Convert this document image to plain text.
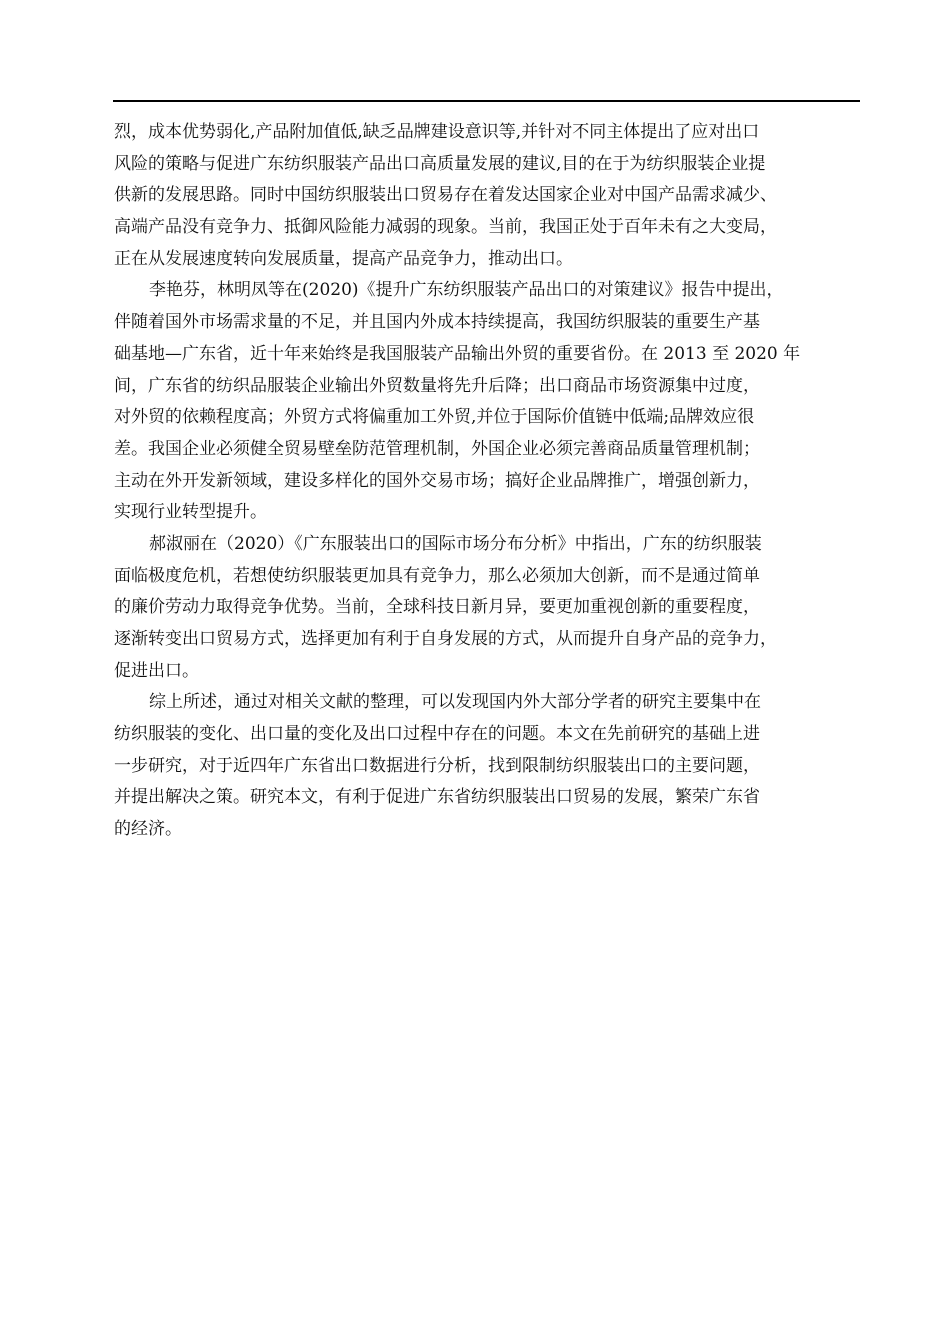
烈，成本优势弱化,产品附加值低,缺乏品牌建设意识等,并针对不同主体提出了应对出口
风险的策略与促进广东纺织服装产品出口高质量发展的建议,目的在于为纺织服装企业提
供新的发展思路。同时中国纺织服装出口贸易存在着发达国家企业对中国产品需求减少、
高端产品没有竞争力、抵御风险能力减弱的现象。当前，我国正处于百年未有之大变局，
正在从发展速度转向发展质量，提高产品竞争力，推动出口。
李艳芬，林明凤等在(2020)《提升广东纺织服装产品出口的对策建议》报告中提出，
伴随着国外市场需求量的不足，并且国内外成本持续提高，我国纺织服装的重要生产基
础基地—广东省，近十年来始终是我国服装产品输出外贸的重要省份。在 2013 至 2020 年
间，广东省的纺织品服装企业输出外贸数量将先升后降；出口商品市场资源集中过度，
对外贸的依赖程度高；外贸方式将偏重加工外贸,并位于国际价值链中低端;品牌效应很
差。我国企业必须健全贸易壁垒防范管理机制，外国企业必须完善商品质量管理机制；
主动在外开发新领域，建设多样化的国外交易市场；搞好企业品牌推广，增强创新力，
实现行业转型提升。
郝淑丽在（2020）《广东服装出口的国际市场分布分析》中指出，广东的纺织服装
面临极度危机，若想使纺织服装更加具有竞争力，那么必须加大创新，而不是通过简单
的廉价劳动力取得竞争优势。当前，全球科技日新月异，要更加重视创新的重要程度，
逐渐转变出口贸易方式，选择更加有利于自身发展的方式，从而提升自身产品的竞争力，
促进出口。
综上所述，通过对相关文献的整理，可以发现国内外大部分学者的研究主要集中在
纺织服装的变化、出口量的变化及出口过程中存在的问题。本文在先前研究的基础上进
一步研究，对于近四年广东省出口数据进行分析，找到限制纺织服装出口的主要问题，
并提出解决之策。研究本文，有利于促进广东省纺织服装出口贸易的发展，繁荣广东省
的经济。
